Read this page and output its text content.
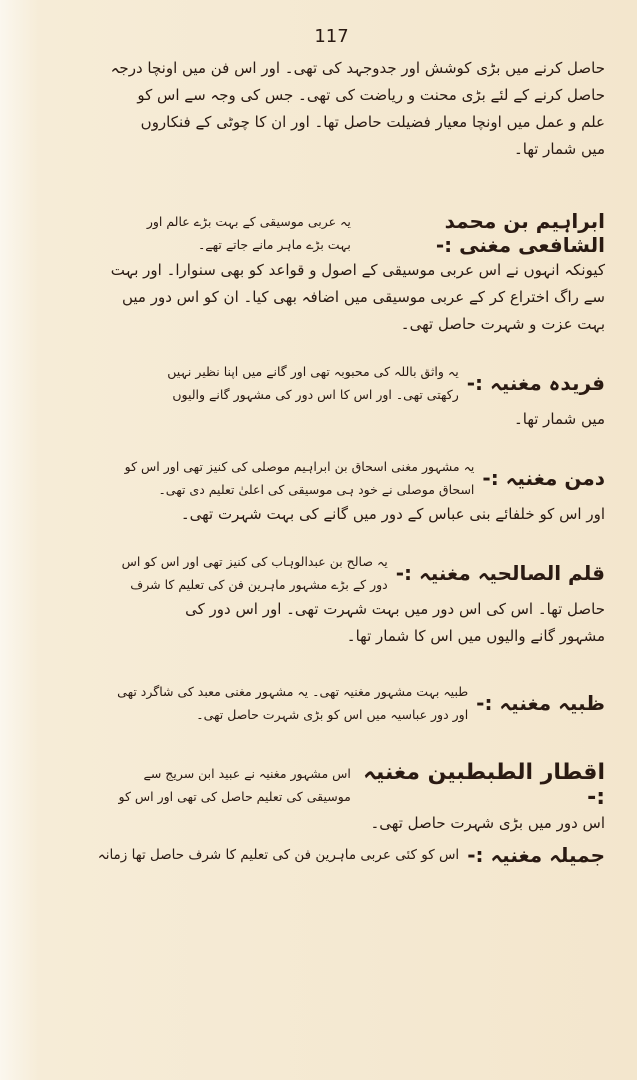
117
حاصل کرنے میں بڑی کوشش اور جدوجہد کی تھی۔ اور اس فن میں اونچا درجہ
حاصل کرنے کے لئے بڑی محنت و ریاضت کی تھی۔ جس کی وجہ سے اس کو
علم و عمل میں اونچا معیار فضیلت حاصل تھا۔ اور ان کا چوٹی کے فنکاروں
میں شمار تھا۔
ابراہیم بن محمد الشافعی مغنی :-
یہ عربی موسیقی کے بہت بڑے عالم اور
بہت بڑے ماہر مانے جاتے تھے۔
کیونکہ انہوں نے اس عربی موسیقی کے اصول و قواعد کو بھی سنوارا۔ اور بہت
سے راگ اختراع کر کے عربی موسیقی میں اضافہ بھی کیا۔ ان کو اس دور میں
بہت عزت و شہرت حاصل تھی۔
فریدہ مغنیہ :-
یہ واثق باللہ کی محبوبہ تھی اور گانے میں اپنا نظیر نہیں
رکھتی تھی۔ اور اس کا اس دور کی مشہور گانے والیوں
میں شمار تھا۔
دمن مغنیہ :-
یہ مشہور مغنی اسحاق بن ابراہیم موصلی کی کنیز تھی اور اس کو
اسحاق موصلی نے خود ہی موسیقی کی اعلیٰ تعلیم دی تھی۔
اور اس کو خلفائے بنی عباس کے دور میں گانے کی بہت شہرت تھی۔
قلم الصالحیہ مغنیہ :-
یہ صالح بن عبدالوہاب کی کنیز تھی اور اس کو اس
دور کے بڑے مشہور ماہرین فن کی تعلیم کا شرف
حاصل تھا۔ اس کی اس دور میں بہت شہرت تھی۔ اور اس دور کی
مشہور گانے والیوں میں اس کا شمار تھا۔
ظبیہ مغنیہ :-
طبیہ بہت مشہور مغنیہ تھی۔ یہ مشہور مغنی معبد کی شاگرد تھی
اور دور عباسیہ میں اس کو بڑی شہرت حاصل تھی۔
اقطار الطبطبین مغنیہ :-
اس مشہور مغنیہ نے عبید ابن سریج سے
موسیقی کی تعلیم حاصل کی تھی اور اس کو
اس دور میں بڑی شہرت حاصل تھی۔
جمیلہ مغنیہ :-
اس کو کئی عربی ماہرین فن کی تعلیم کا شرف حاصل تھا زمانہ
